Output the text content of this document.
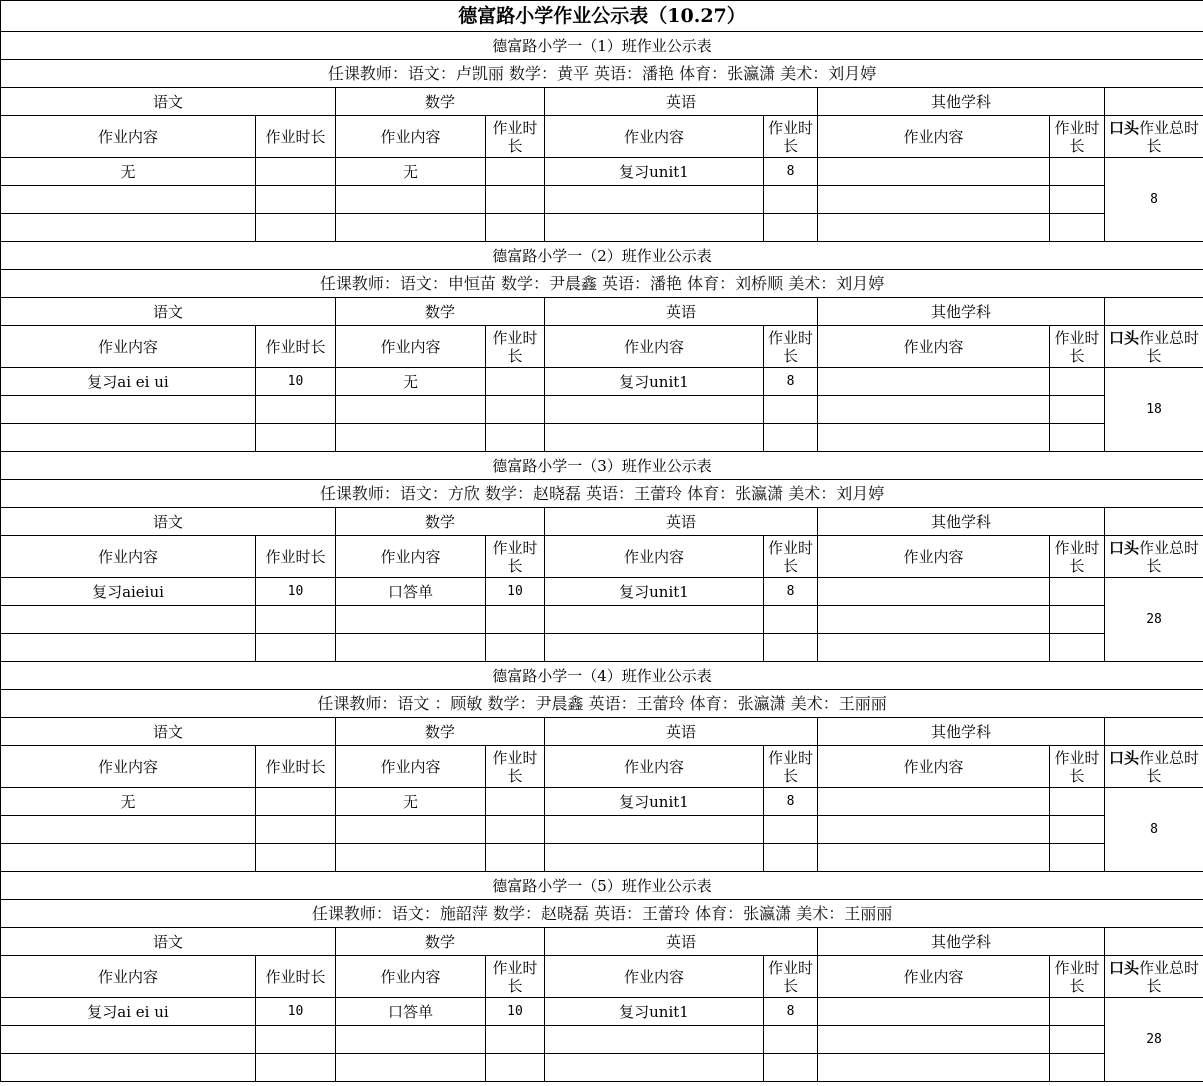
德富路小学作业公示表（10.27）								
德富路小学一（1）班作业公示表								
任课教师：语文：卢凯丽 数学：黄平 英语：潘艳 体育：张瀛潇 美术：刘月婷								
语文		数学		英语		其他学科		
作业内容	作业时长	作业内容	作业时长	作业内容	作业时长	作业内容	作业时长	口头作业总时长
无		无		复习unit1	8			8

德富路小学一（2）班作业公示表								
任课教师：语文：申恒苗 数学：尹晨鑫 英语：潘艳 体育：刘桥顺 美术：刘月婷								
语文		数学		英语		其他学科		
作业内容	作业时长	作业内容	作业时长	作业内容	作业时长	作业内容	作业时长	口头作业总时长
复习ai ei ui	10	无		复习unit1	8			18

德富路小学一（3）班作业公示表								
任课教师：语文：方欣 数学：赵晓磊 英语：王蕾玲 体育：张瀛潇 美术：刘月婷								
语文		数学		英语		其他学科		
作业内容	作业时长	作业内容	作业时长	作业内容	作业时长	作业内容	作业时长	口头作业总时长
复习aieiui	10	口答单	10	复习unit1	8			28

德富路小学一（4）班作业公示表								
任课教师：语文 ：顾敏 数学：尹晨鑫 英语：王蕾玲 体育：张瀛潇 美术：王丽丽								
语文		数学		英语		其他学科		
作业内容	作业时长	作业内容	作业时长	作业内容	作业时长	作业内容	作业时长	口头作业总时长
无		无		复习unit1	8			8

德富路小学一（5）班作业公示表								
任课教师：语文：施韶萍 数学：赵晓磊 英语：王蕾玲 体育：张瀛潇 美术：王丽丽								
语文		数学		英语		其他学科		
作业内容	作业时长	作业内容	作业时长	作业内容	作业时长	作业内容	作业时长	口头作业总时长
复习ai ei ui	10	口答单	10	复习unit1	8			28
